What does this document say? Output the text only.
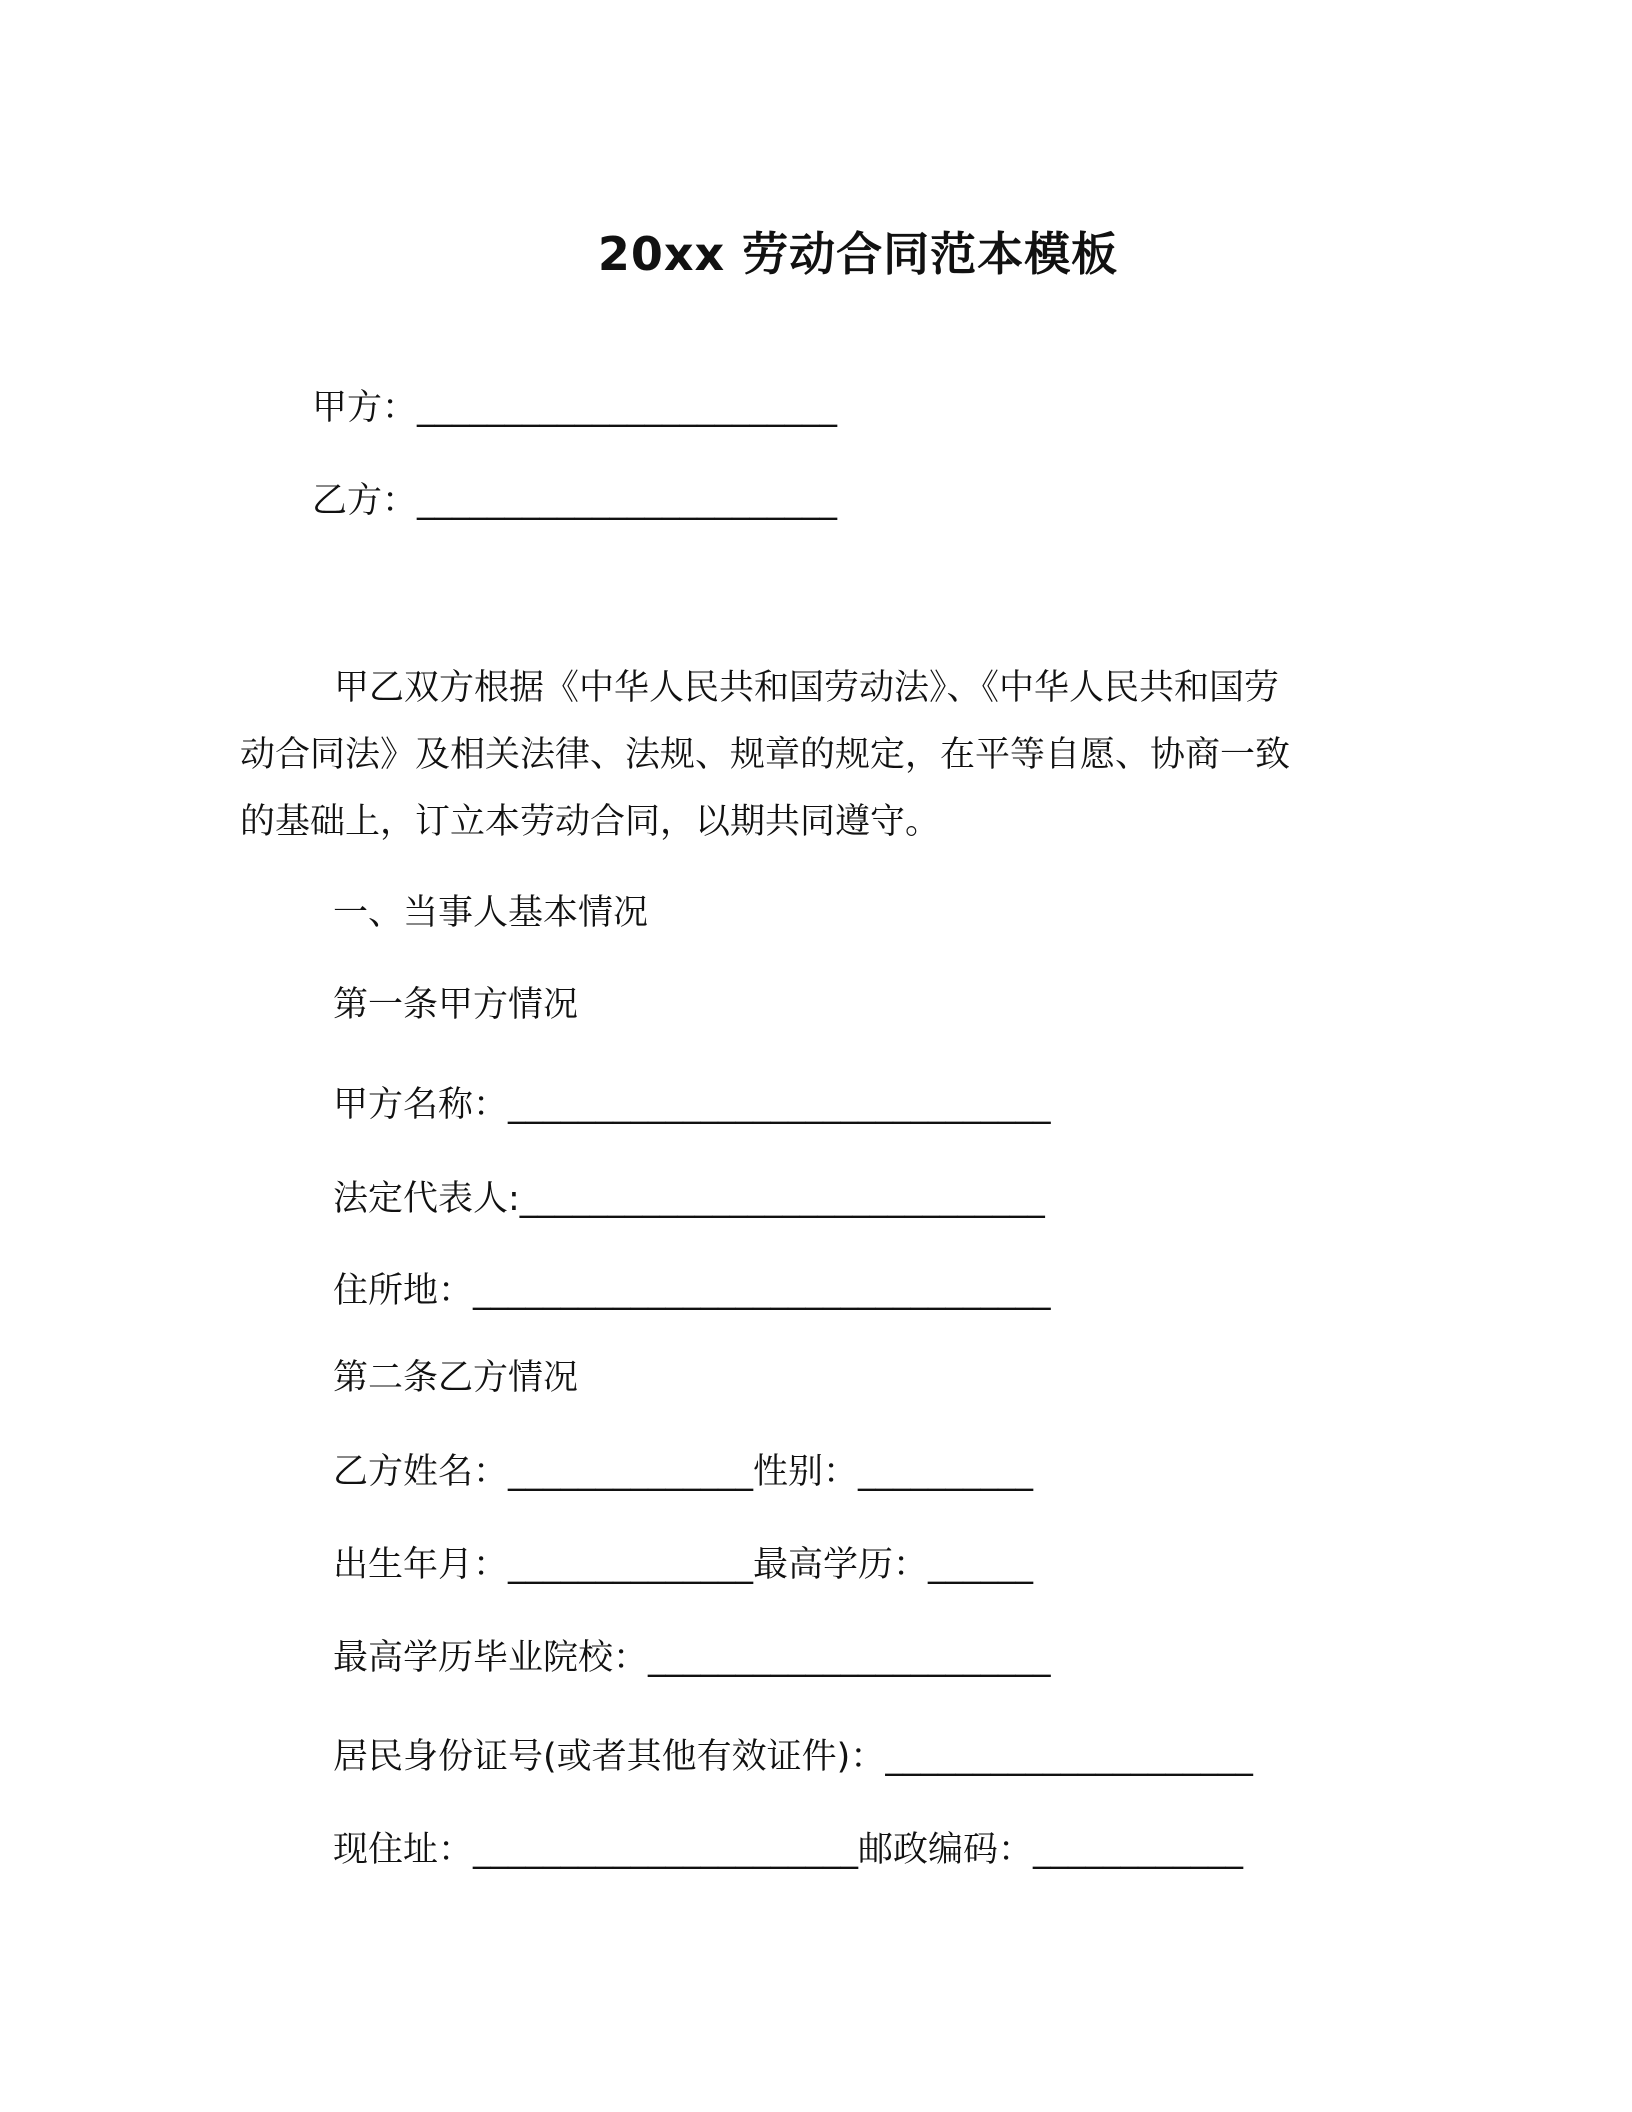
20xx 劳动合同范本模板
甲方：________________________
乙方：________________________
甲乙双方根据《中华人民共和国劳动法》、《中华人民共和国劳
动合同法》及相关法律、法规、规章的规定，在平等自愿、协商一致
的基础上，订立本劳动合同，以期共同遵守。
一、当事人基本情况
第一条甲方情况
甲方名称：_______________________________
法定代表人:______________________________
住所地：_________________________________
第二条乙方情况
乙方姓名：______________性别：__________
出生年月：______________最高学历：______
最高学历毕业院校：_______________________
居民身份证号(或者其他有效证件)：_____________________
现住址：______________________邮政编码：____________
